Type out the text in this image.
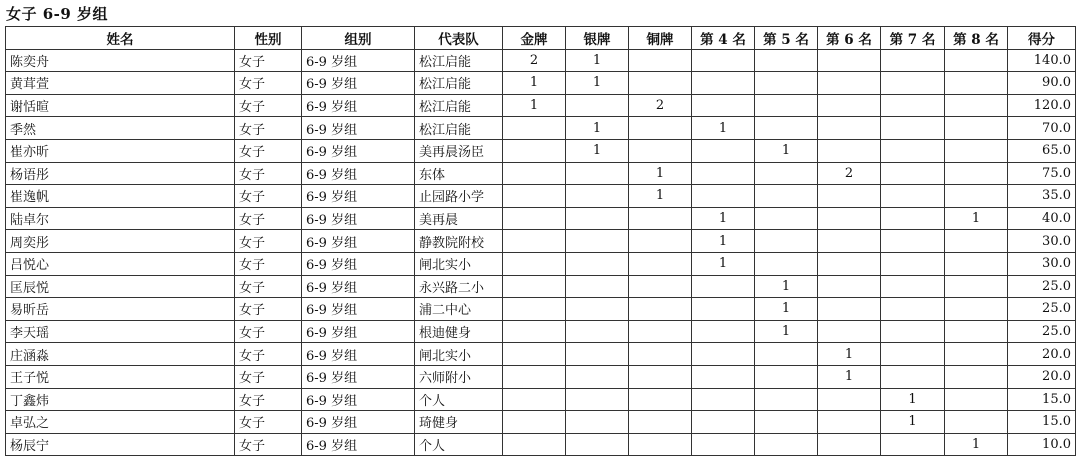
女子 6-9 岁组
姓名	性别	组别	代表队	金牌	银牌	铜牌	第 4 名	第 5 名	第 6 名	第 7 名	第 8 名	得分
陈奕舟	女子	6-9 岁组	松江启能	2	1							140.0
黄茸萱	女子	6-9 岁组	松江启能	1	1							90.0
谢恬暄	女子	6-9 岁组	松江启能	1		2						120.0
季然	女子	6-9 岁组	松江启能		1		1					70.0
崔亦昕	女子	6-9 岁组	美再晨汤臣		1			1				65.0
杨语彤	女子	6-9 岁组	东体			1			2			75.0
崔逸帆	女子	6-9 岁组	止园路小学			1						35.0
陆卓尔	女子	6-9 岁组	美再晨				1				1	40.0
周奕彤	女子	6-9 岁组	静教院附校				1					30.0
吕悦心	女子	6-9 岁组	闸北实小				1					30.0
匡辰悦	女子	6-9 岁组	永兴路二小					1				25.0
易昕岳	女子	6-9 岁组	浦二中心					1				25.0
李天瑶	女子	6-9 岁组	根迪健身					1				25.0
庄涵淼	女子	6-9 岁组	闸北实小						1			20.0
王子悦	女子	6-9 岁组	六师附小						1			20.0
丁鑫炜	女子	6-9 岁组	个人							1		15.0
卓弘之	女子	6-9 岁组	琦健身							1		15.0
杨辰宁	女子	6-9 岁组	个人								1	10.0
